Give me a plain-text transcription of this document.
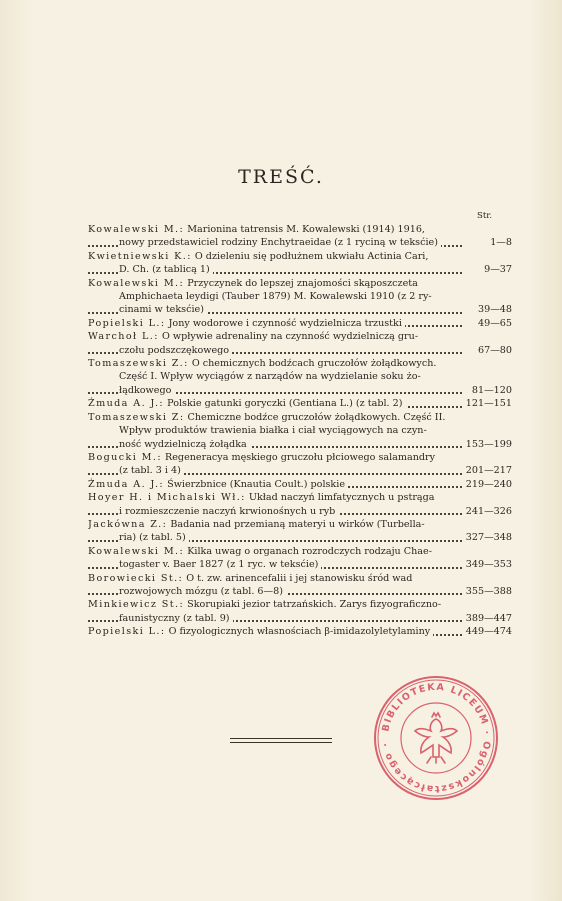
TREŚĆ.
Str.
Kowalewski M.: Marionina tatrensis M. Kowalewski (1914) 1916,
nowy przedstawiciel rodziny Enchytraeidae (z 1 ryciną w teksćie)	1—8
Kwietniewski K.: O dzieleniu się podłużnem ukwiału Actinia Cari,
D. Ch. (z tablicą 1)	9—37
Kowalewski M.: Przyczynek do lepszej znajomości skąposzczeta
Amphichaeta leydigi (Tauber 1879) M. Kowalewski 1910 (z 2 ry-
cinami w teksćie)	39—48
Popielski L.: Jony wodorowe i czynność wydzielnicza trzustki	49—65
Warchoł L.: O wpływie adrenaliny na czynność wydzielniczą gru-
czołu podszczękowego	67—80
Tomaszewski Z.: O chemicznych bodźcach gruczołów żołądkowych.
Część I. Wpływ wyciągów z narządów na wydzielanie soku żo-
łądkowego	81—120
Żmuda A. J.: Polskie gatunki goryczki (Gentiana L.) (z tabl. 2)	121—151
Tomaszewski Z: Chemiczne bodźce gruczołów żołądkowych. Część II.
Wpływ produktów trawienia białka i ciał wyciągowych na czyn-
ność wydzielniczą żołądka	153—199
Bogucki M.: Regeneracya męskiego gruczołu płciowego salamandry
(z tabl. 3 i 4)	201—217
Żmuda A. J.: Świerzbnice (Knautia Coult.) polskie	219—240
Hoyer H. i Michalski Wł.: Układ naczyń limfatycznych u pstrąga
i rozmieszczenie naczyń krwionośnych u ryb	241—326
Jackówna Z.: Badania nad przemianą materyi u wirków (Turbella-
ria) (z tabl. 5)	327—348
Kowalewski M.: Kilka uwag o organach rozrodczych rodzaju Chae-
togaster v. Baer 1827 (z 1 ryc. w teksćie)	349—353
Borowiecki St.: O t. zw. arinencefalii i jej stanowisku śród wad
rozwojowych mózgu (z tabl. 6—8)	355—388
Minkiewicz St.: Skorupiaki jezior tatrzańskich. Zarys fizyograficzno-
faunistyczny (z tabl. 9)	389—447
Popielski L.: O fizyologicznych własnościach β-imidazolyletylaminy	449—474
BIBLIOTEKA LICEUM · Ogólnokształcącego ·
